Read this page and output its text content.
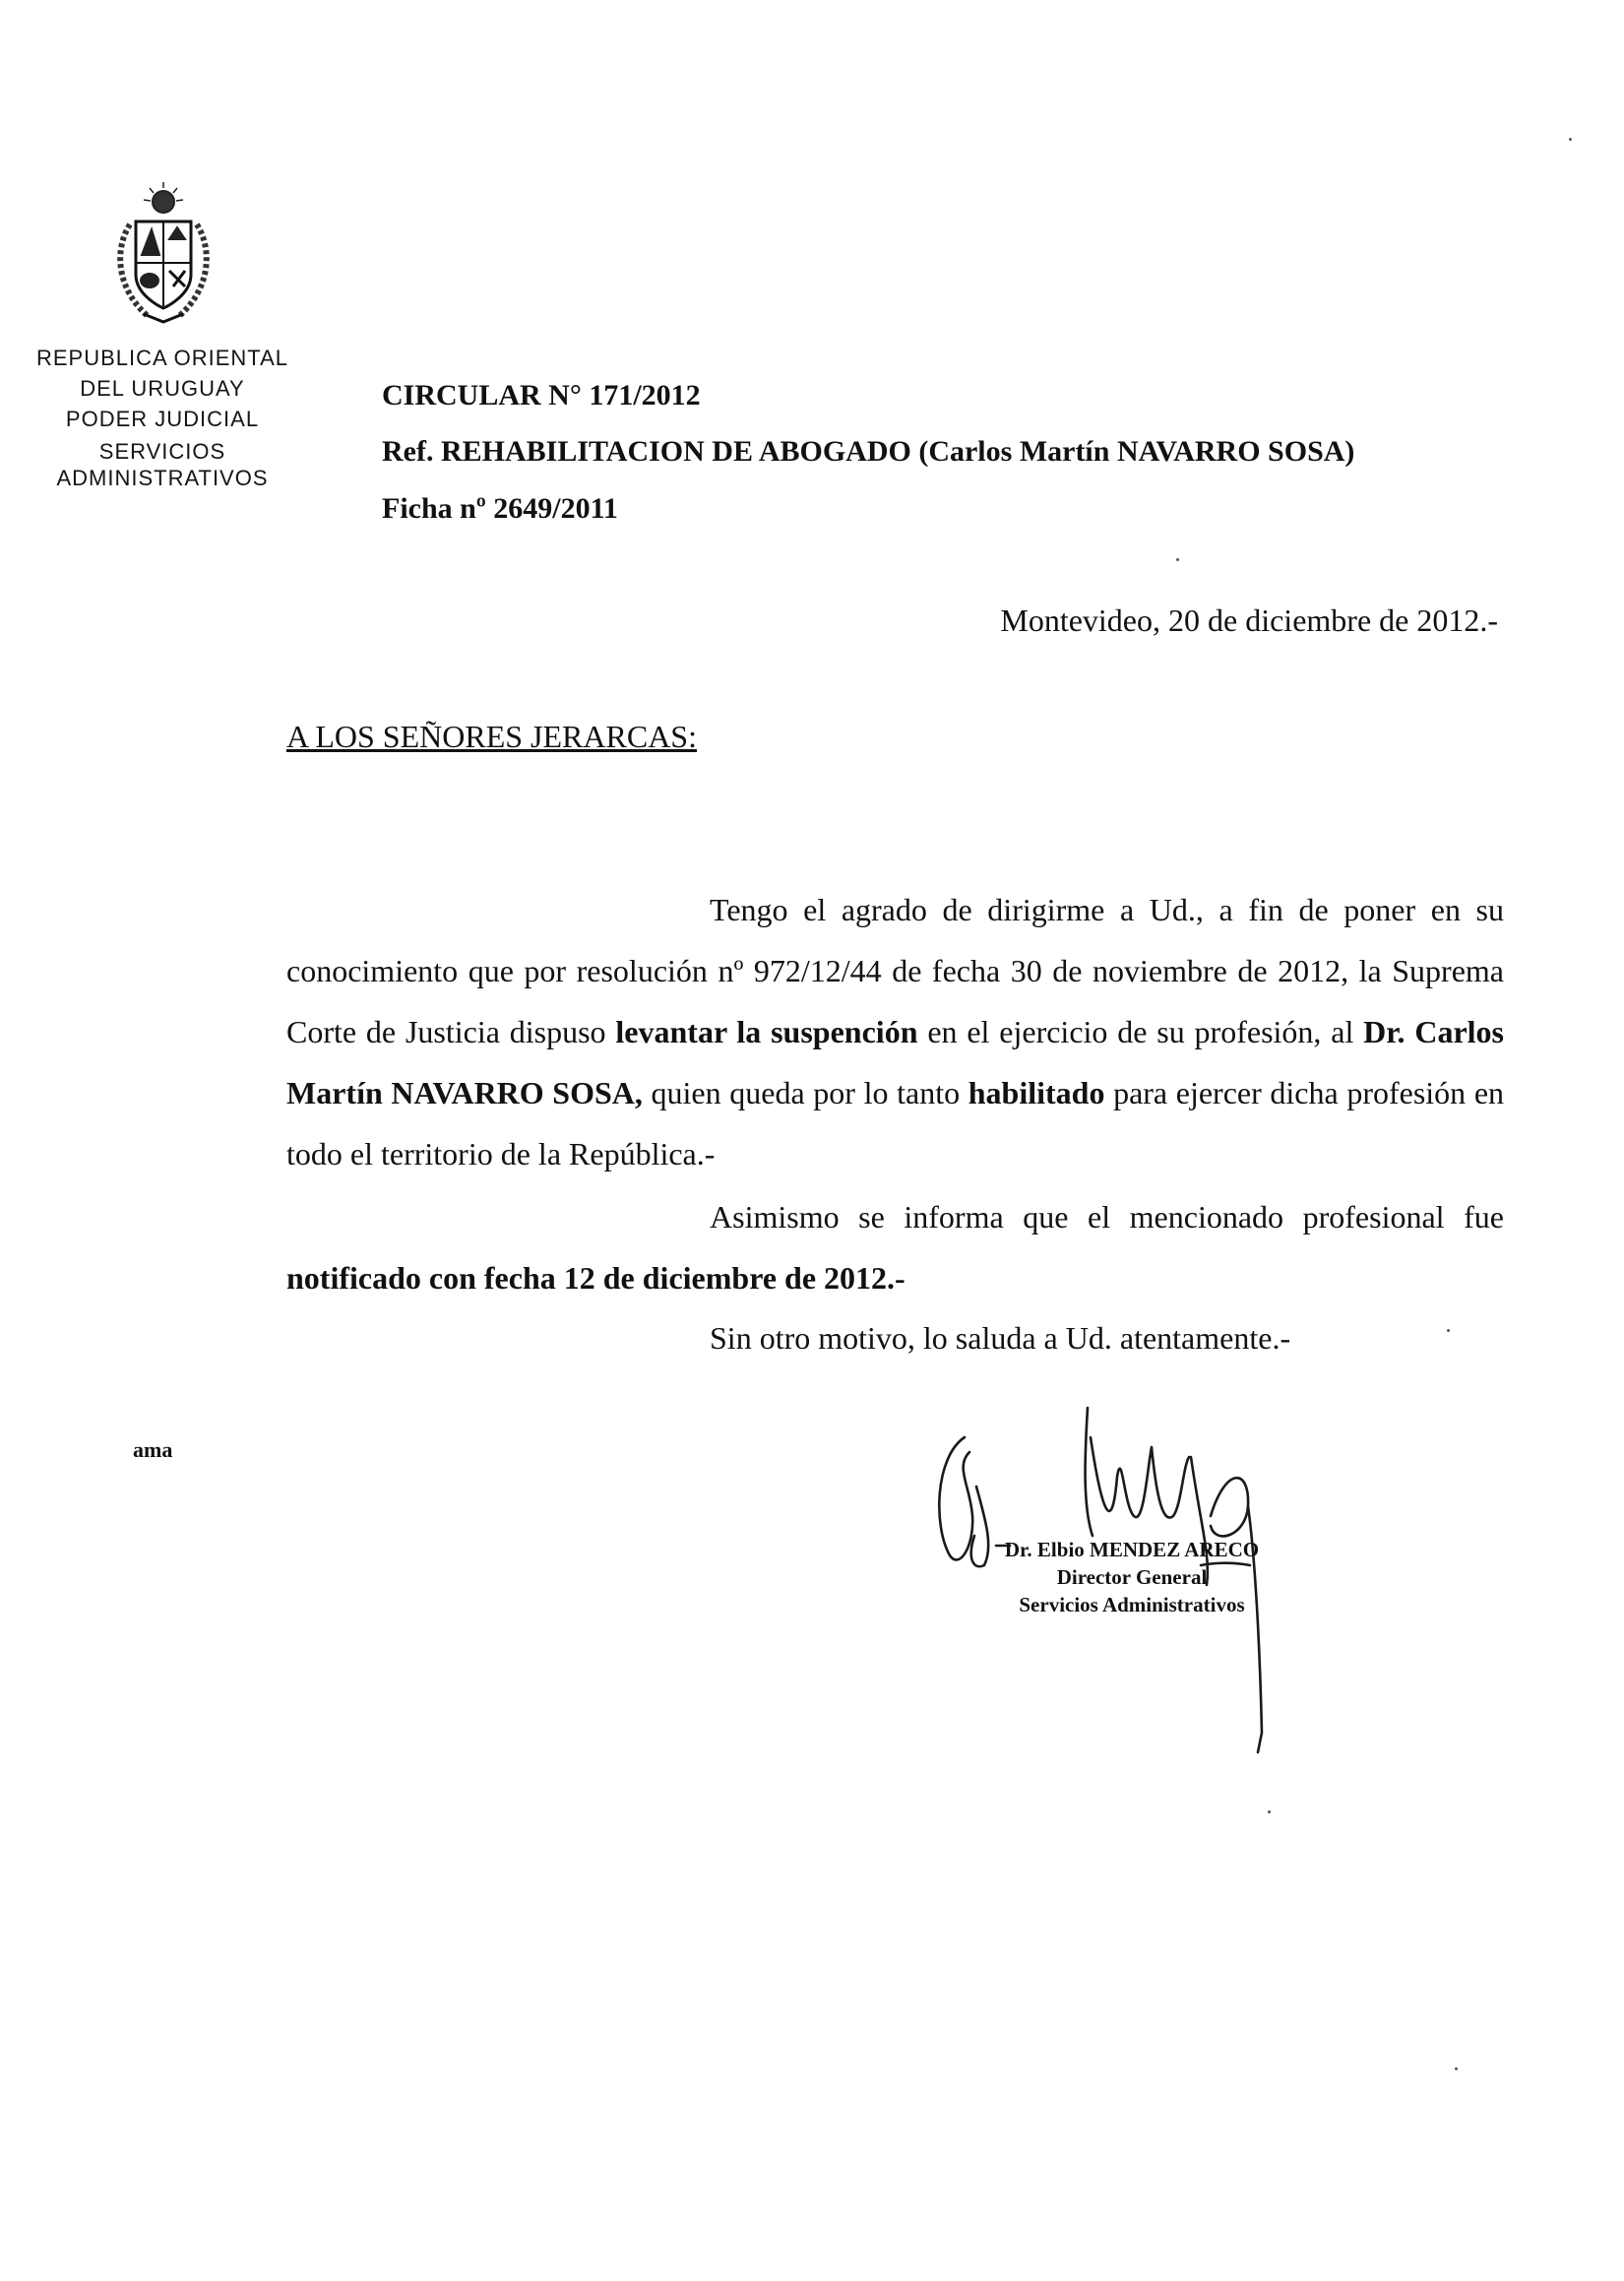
REPUBLICA ORIENTAL
DEL URUGUAY
PODER JUDICIAL
SERVICIOS
ADMINISTRATIVOS
CIRCULAR N° 171/2012
Ref. REHABILITACION DE ABOGADO (Carlos Martín NAVARRO SOSA)
Ficha nº 2649/2011
Montevideo, 20 de diciembre de 2012.-
A LOS SEÑORES JERARCAS:
Tengo el agrado de dirigirme a Ud., a fin de poner en su conocimiento que por resolución nº 972/12/44 de fecha 30 de noviembre de 2012, la Suprema Corte de Justicia dispuso levantar la suspención en el ejercicio de su profesión, al Dr. Carlos Martín NAVARRO SOSA, quien queda por lo tanto habilitado para ejercer dicha profesión en todo el territorio de la República.-
Asimismo se informa que el mencionado profesional fue notificado con fecha 12 de diciembre de 2012.-
Sin otro motivo, lo saluda a Ud. atentamente.-
ama
Dr. Elbio MENDEZ ARECO
Director General
Servicios Administrativos
